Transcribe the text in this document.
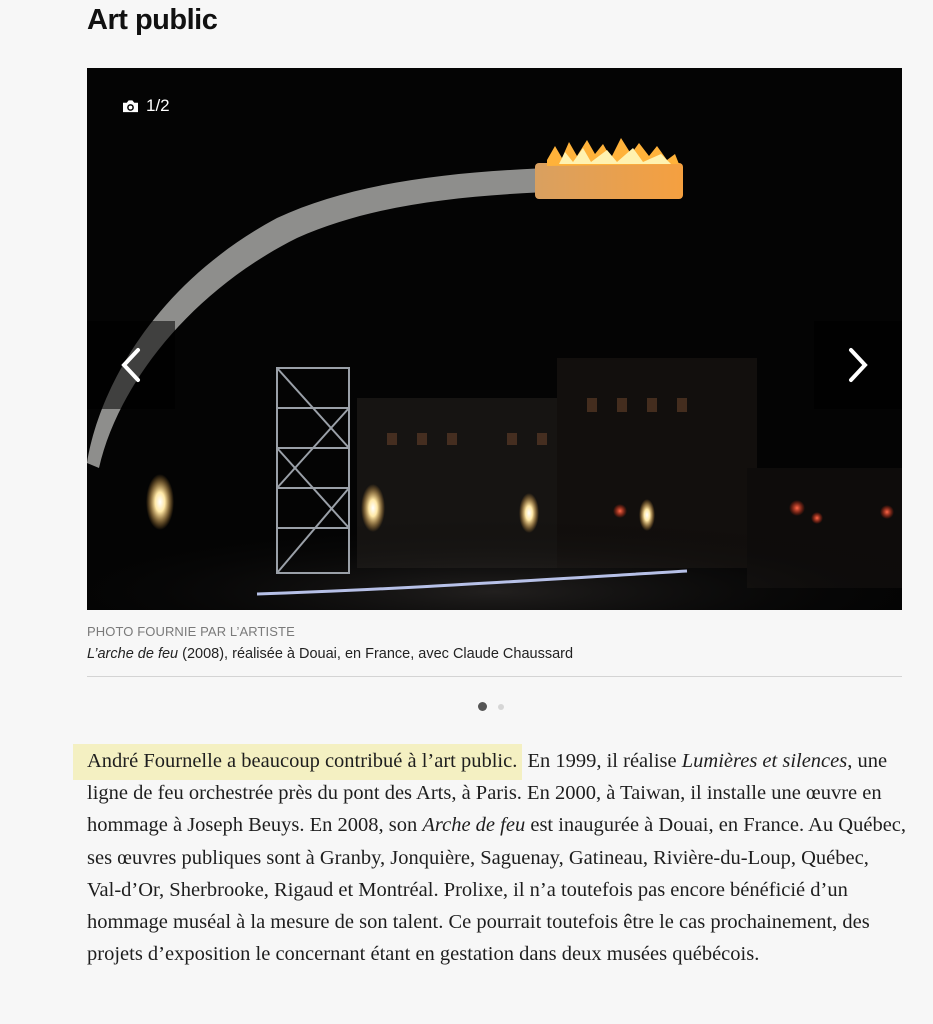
Art public
1/2
PHOTO FOURNIE PAR L’ARTISTE
L’arche de feu (2008), réalisée à Douai, en France, avec Claude Chaussard

André Fournelle a beaucoup contribué à l’art public. En 1999, il réalise Lumières et silences, une ligne de feu orchestrée près du pont des Arts, à Paris. En 2000, à Taiwan, il installe une œuvre en hommage à Joseph Beuys. En 2008, son Arche de feu est inaugurée à Douai, en France. Au Québec, ses œuvres publiques sont à Granby, Jonquière, Saguenay, Gatineau, Rivière-du-Loup, Québec, Val-d’Or, Sherbrooke, Rigaud et Montréal. Prolixe, il n’a toutefois pas encore bénéficié d’un hommage muséal à la mesure de son talent. Ce pourrait toutefois être le cas prochainement, des projets d’exposition le concernant étant en gestation dans deux musées québécois.
